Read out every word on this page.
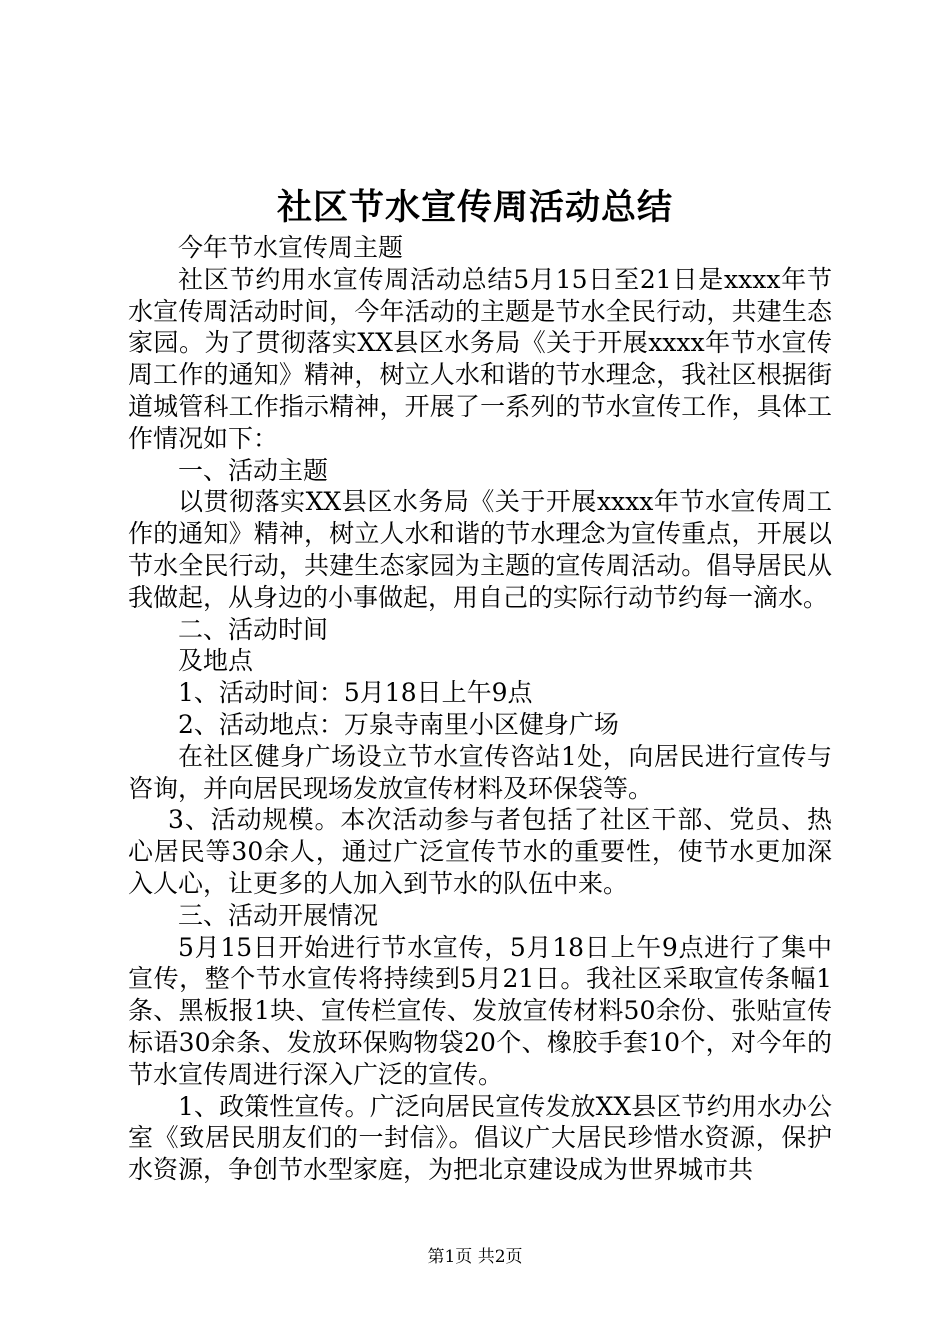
社区节水宣传周活动总结

今年节水宣传周主题

社区节约用水宣传周活动总结5月15日至21日是xxxx年节水宣传周活动时间，今年活动的主题是节水全民行动，共建生态家园。为了贯彻落实XX县区水务局《关于开展xxxx年节水宣传周工作的通知》精神，树立人水和谐的节水理念，我社区根据街道城管科工作指示精神，开展了一系列的节水宣传工作，具体工作情况如下：

一、活动主题

以贯彻落实XX县区水务局《关于开展xxxx年节水宣传周工作的通知》精神，树立人水和谐的节水理念为宣传重点，开展以节水全民行动，共建生态家园为主题的宣传周活动。倡导居民从我做起，从身边的小事做起，用自己的实际行动节约每一滴水。

二、活动时间

及地点

1、活动时间：5月18日上午9点

2、活动地点：万泉寺南里小区健身广场

在社区健身广场设立节水宣传咨站1处，向居民进行宣传与咨询，并向居民现场发放宣传材料及环保袋等。

3、活动规模。本次活动参与者包括了社区干部、党员、热心居民等30余人，通过广泛宣传节水的重要性，使节水更加深入人心，让更多的人加入到节水的队伍中来。

三、活动开展情况

5月15日开始进行节水宣传，5月18日上午9点进行了集中宣传，整个节水宣传将持续到5月21日。我社区采取宣传条幅1条、黑板报1块、宣传栏宣传、发放宣传材料50余份、张贴宣传标语30余条、发放环保购物袋20个、橡胶手套10个，对今年的节水宣传周进行深入广泛的宣传。

1、政策性宣传。广泛向居民宣传发放XX县区节约用水办公室《致居民朋友们的一封信》。倡议广大居民珍惜水资源，保护水资源，争创节水型家庭，为把北京建设成为世界城市共

第1页 共2页
